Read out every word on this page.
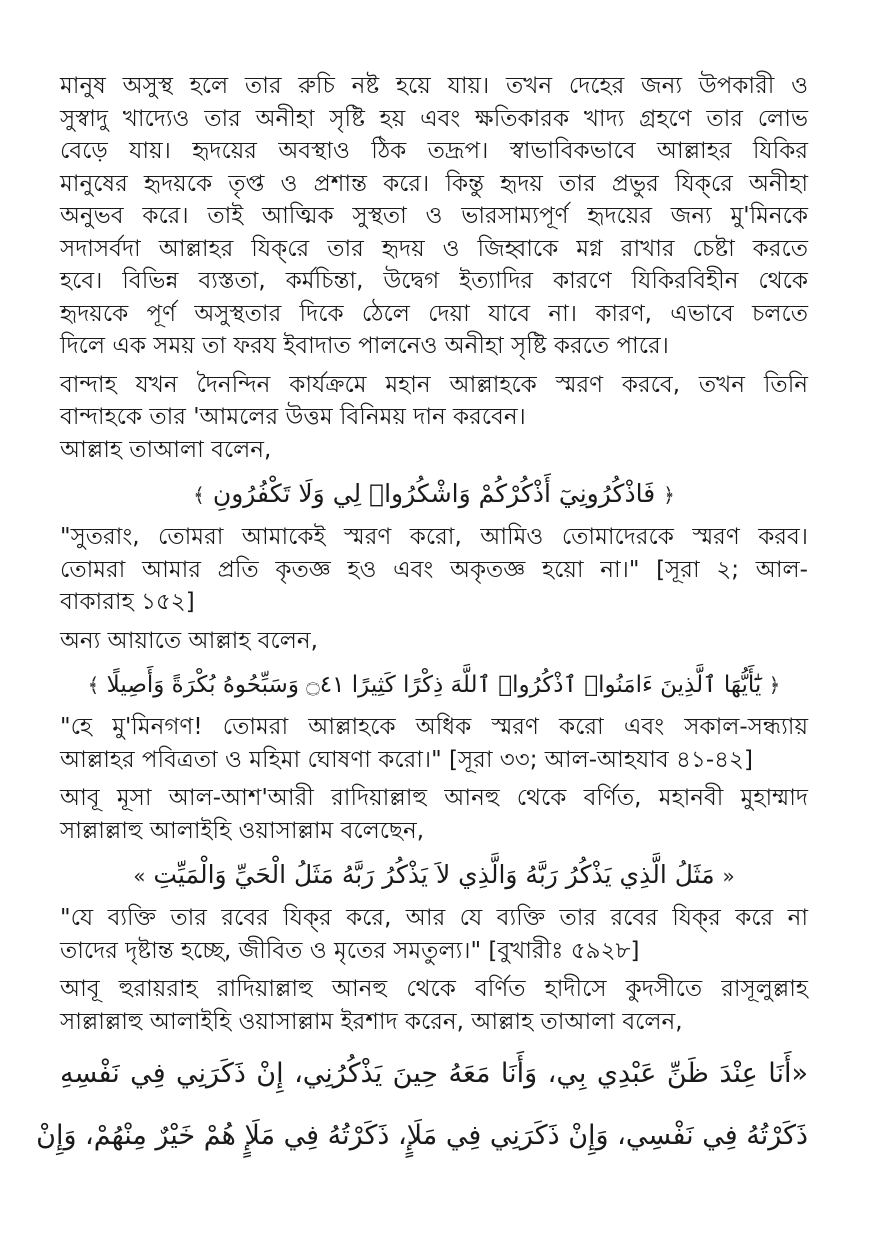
মানুষ অসুস্থ হলে তার রুচি নষ্ট হয়ে যায়। তখন দেহের জন্য উপকারী ও
সুস্বাদু খাদ্যেও তার অনীহা সৃষ্টি হয় এবং ক্ষতিকারক খাদ্য গ্রহণে তার লোভ
বেড়ে যায়। হৃদয়ের অবস্থাও ঠিক তদ্রূপ। স্বাভাবিকভাবে আল্লাহর যিকির
মানুষের হৃদয়কে তৃপ্ত ও প্রশান্ত করে। কিন্তু হৃদয় তার প্রভুর যিক্‌রে অনীহা
অনুভব করে। তাই আত্মিক সুস্থতা ও ভারসাম্যপূর্ণ হৃদয়ের জন্য মু'মিনকে
সদাসর্বদা আল্লাহর যিক্‌রে তার হৃদয় ও জিহ্বাকে মগ্ন রাখার চেষ্টা করতে
হবে। বিভিন্ন ব্যস্ততা, কর্মচিন্তা, উদ্বেগ ইত্যাদির কারণে যিকিরবিহীন থেকে
হৃদয়কে পূর্ণ অসুস্থতার দিকে ঠেলে দেয়া যাবে না। কারণ, এভাবে চলতে
দিলে এক সময় তা ফরয ইবাদাত পালনেও অনীহা সৃষ্টি করতে পারে।
বান্দাহ যখন দৈনন্দিন কার্যক্রমে মহান আল্লাহকে স্মরণ করবে, তখন তিনি
বান্দাহকে তার 'আমলের উত্তম বিনিময় দান করবেন।
আল্লাহ তাআলা বলেন,
﴿ فَاذْكُرُونِيٓ أَذْكُرْكُمْ وَاشْكُرُوا۟ لِي وَلَا تَكْفُرُونِ ﴾
"সুতরাং, তোমরা আমাকেই স্মরণ করো, আমিও তোমাদেরকে স্মরণ করব।
তোমরা আমার প্রতি কৃতজ্ঞ হও এবং অকৃতজ্ঞ হয়ো না।" [সূরা ২; আল-
বাকারাহ ১৫২]
অন্য আয়াতে আল্লাহ বলেন,
﴿ يَٰٓأَيُّهَا ٱلَّذِينَ ءَامَنُوا۟ ٱذْكُرُوا۟ ٱللَّهَ ذِكْرًا كَثِيرًا ۝٤١ وَسَبِّحُوهُ بُكْرَةً وَأَصِيلًا ﴾
"হে মু'মিনগণ! তোমরা আল্লাহকে অধিক স্মরণ করো এবং সকাল-সন্ধ্যায়
আল্লাহর পবিত্রতা ও মহিমা ঘোষণা করো।" [সূরা ৩৩; আল-আহযাব ৪১-৪২]
আবূ মূসা আল-আশ'আরী রাদিয়াল্লাহু আনহু থেকে বর্ণিত, মহানবী মুহাম্মাদ
সাল্লাল্লাহু আলাইহি ওয়াসাল্লাম বলেছেন,
« مَثَلُ الَّذِي يَذْكُرُ رَبَّهُ وَالَّذِي لاَ يَذْكُرُ رَبَّهُ مَثَلُ الْحَيِّ وَالْمَيِّتِ »
"যে ব্যক্তি তার রবের যিক্‌র করে, আর যে ব্যক্তি তার রবের যিক্‌র করে না
তাদের দৃষ্টান্ত হচ্ছে, জীবিত ও মৃতের সমতুল্য।" [বুখারীঃ ৫৯২৮]
আবূ হুরায়রাহ রাদিয়াল্লাহু আনহু থেকে বর্ণিত হাদীসে কুদসীতে রাসূলুল্লাহ
সাল্লাল্লাহু আলাইহি ওয়াসাল্লাম ইরশাদ করেন, আল্লাহ তাআলা বলেন,
«أَنَا عِنْدَ ظَنِّ عَبْدِي بِي، وَأَنَا مَعَهُ حِينَ يَذْكُرُنِي، إِنْ ذَكَرَنِي فِي نَفْسِهِ
ذَكَرْتُهُ فِي نَفْسِي، وَإِنْ ذَكَرَنِي فِي مَلَإٍ، ذَكَرْتُهُ فِي مَلَإٍ هُمْ خَيْرٌ مِنْهُمْ، وَإِنْ
